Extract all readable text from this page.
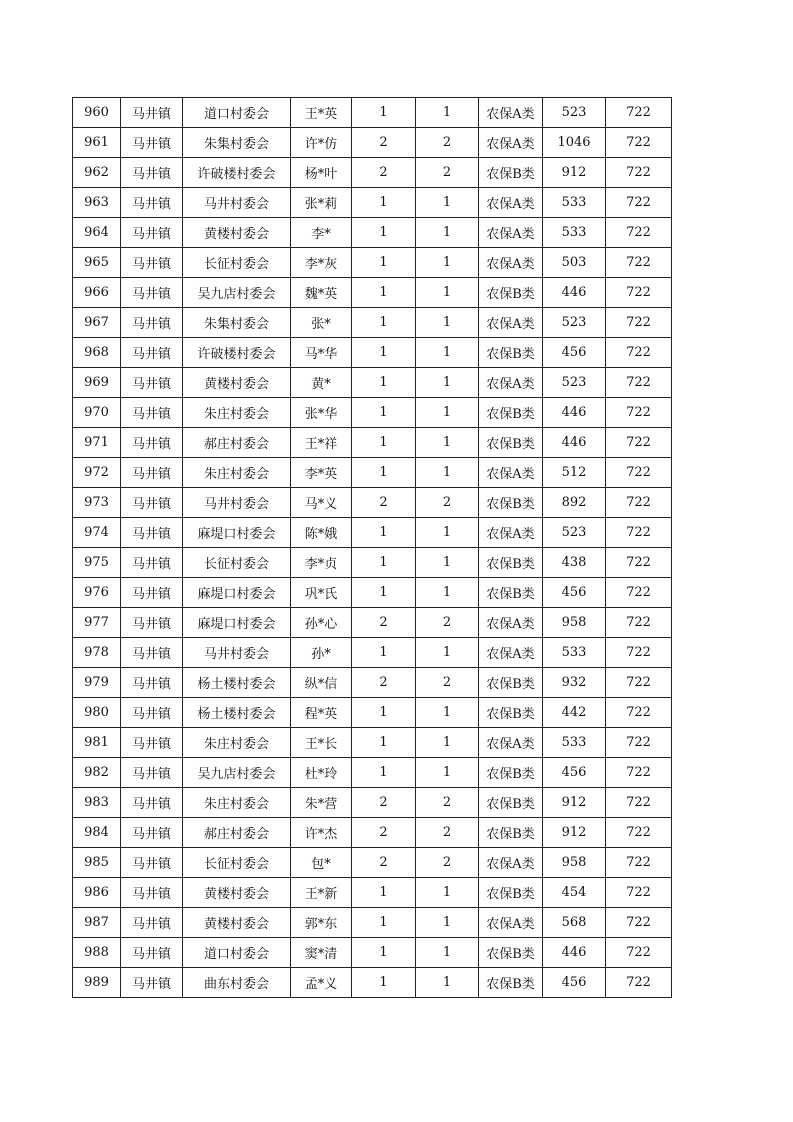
960	马井镇	道口村委会	王*英	1	1	农保A类	523	722
961	马井镇	朱集村委会	许*仿	2	2	农保A类	1046	722
962	马井镇	许破楼村委会	杨*叶	2	2	农保B类	912	722
963	马井镇	马井村委会	张*莉	1	1	农保A类	533	722
964	马井镇	黄楼村委会	李*	1	1	农保A类	533	722
965	马井镇	长征村委会	李*灰	1	1	农保A类	503	722
966	马井镇	吴九店村委会	魏*英	1	1	农保B类	446	722
967	马井镇	朱集村委会	张*	1	1	农保A类	523	722
968	马井镇	许破楼村委会	马*华	1	1	农保B类	456	722
969	马井镇	黄楼村委会	黄*	1	1	农保A类	523	722
970	马井镇	朱庄村委会	张*华	1	1	农保B类	446	722
971	马井镇	郝庄村委会	王*祥	1	1	农保B类	446	722
972	马井镇	朱庄村委会	李*英	1	1	农保A类	512	722
973	马井镇	马井村委会	马*义	2	2	农保B类	892	722
974	马井镇	麻堤口村委会	陈*娥	1	1	农保A类	523	722
975	马井镇	长征村委会	李*贞	1	1	农保B类	438	722
976	马井镇	麻堤口村委会	巩*氏	1	1	农保B类	456	722
977	马井镇	麻堤口村委会	孙*心	2	2	农保A类	958	722
978	马井镇	马井村委会	孙*	1	1	农保A类	533	722
979	马井镇	杨土楼村委会	纵*信	2	2	农保B类	932	722
980	马井镇	杨土楼村委会	程*英	1	1	农保B类	442	722
981	马井镇	朱庄村委会	王*长	1	1	农保A类	533	722
982	马井镇	吴九店村委会	杜*玲	1	1	农保B类	456	722
983	马井镇	朱庄村委会	朱*营	2	2	农保B类	912	722
984	马井镇	郝庄村委会	许*杰	2	2	农保B类	912	722
985	马井镇	长征村委会	包*	2	2	农保A类	958	722
986	马井镇	黄楼村委会	王*新	1	1	农保B类	454	722
987	马井镇	黄楼村委会	郭*东	1	1	农保A类	568	722
988	马井镇	道口村委会	窦*清	1	1	农保B类	446	722
989	马井镇	曲东村委会	孟*义	1	1	农保B类	456	722
